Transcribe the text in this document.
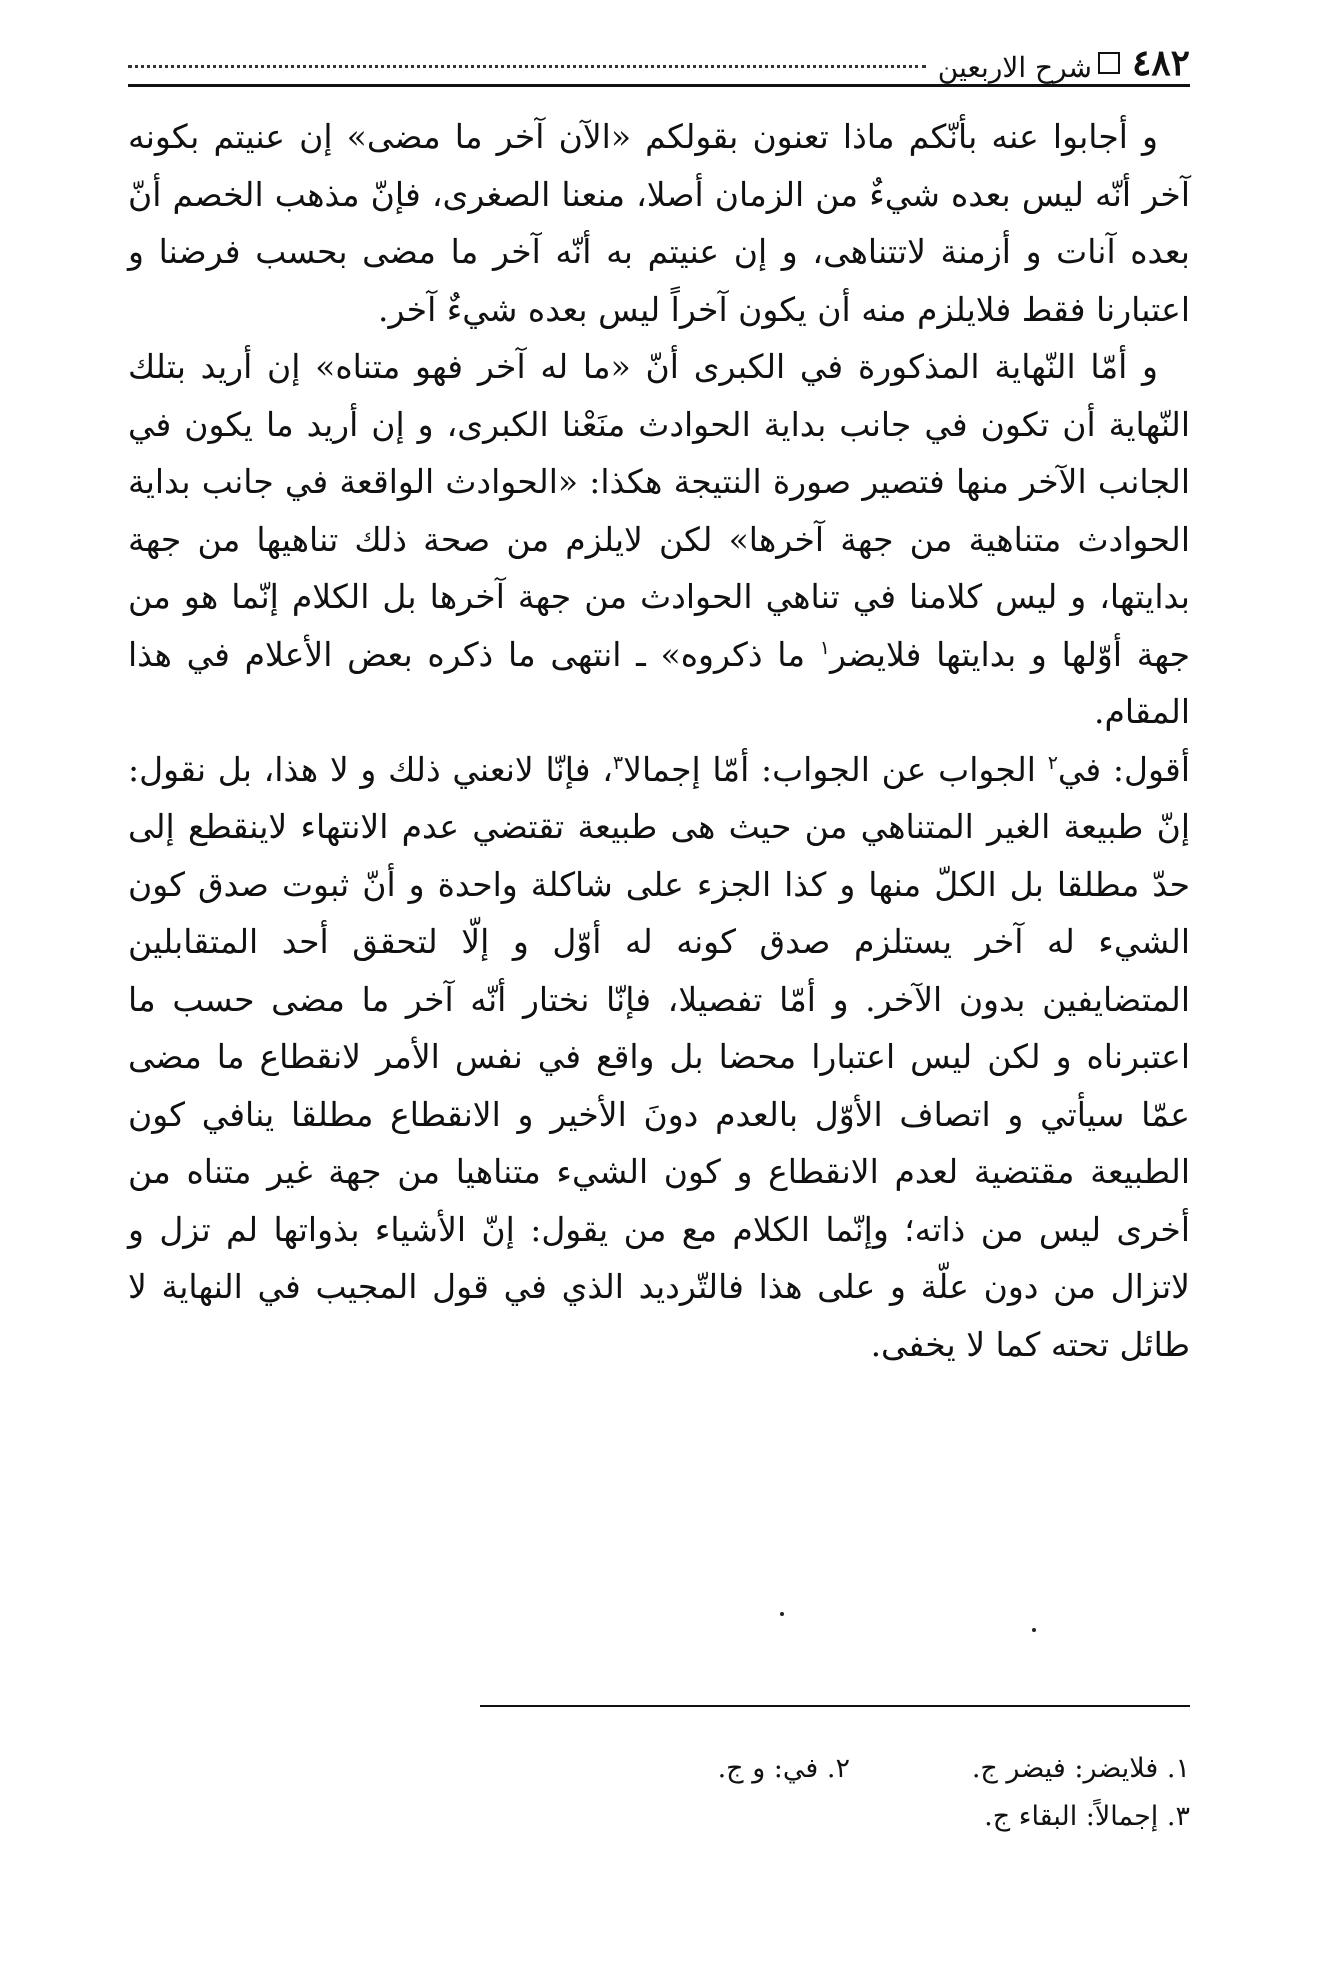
٤٨٢
شرح الاربعين

و أجابوا عنه بأنّكم ماذا تعنون بقولكم «الآن آخر ما مضى» إن عنيتم بكونه آخر أنّه ليس بعده شيءٌ من الزمان أصلا، منعنا الصغرى، فإنّ مذهب الخصم أنّ بعده آنات و أزمنة لاتتناهى، و إن عنيتم به أنّه آخر ما مضى بحسب فرضنا و اعتبارنا فقط فلايلزم منه أن يكون آخراً ليس بعده شيءٌ آخر.

و أمّا النّهاية المذكورة في الكبرى أنّ «ما له آخر فهو متناه» إن أريد بتلك النّهاية أن تكون في جانب بداية الحوادث منَعْنا الكبرى، و إن أريد ما يكون في الجانب الآخر منها فتصير صورة النتيجة هكذا: «الحوادث الواقعة في جانب بداية الحوادث متناهية من جهة آخرها» لكن لايلزم من صحة ذلك تناهيها من جهة بدايتها، و ليس كلامنا في تناهي الحوادث من جهة آخرها بل الكلام إنّما هو من جهة أوّلها و بدايتها فلايضر$^١$ ما ذكروه» ـ انتهى ما ذكره بعض الأعلام في هذا المقام.

أقول: في$^٢$ الجواب عن الجواب: أمّا إجمالا$^٣$، فإنّا لانعني ذلك و لا هذا، بل نقول: إنّ طبيعة الغير المتناهي من حيث هى طبيعة تقتضي عدم الانتهاء لاينقطع إلى حدّ مطلقا بل الكلّ منها و كذا الجزء على شاكلة واحدة و أنّ ثبوت صدق كون الشيء له آخر يستلزم صدق كونه له أوّل و إلّا لتحقق أحد المتقابلين المتضايفين بدون الآخر. و أمّا تفصيلا، فإنّا نختار أنّه آخر ما مضى حسب ما اعتبرناه و لكن ليس اعتبارا محضا بل واقع في نفس الأمر لانقطاع ما مضى عمّا سيأتي و اتصاف الأوّل بالعدم دونَ الأخير و الانقطاع مطلقا ينافي كون الطبيعة مقتضية لعدم الانقطاع و كون الشيء متناهيا من جهة غير متناه من أخرى ليس من ذاته؛ وإنّما الكلام مع من يقول: إنّ الأشياء بذواتها لم تزل و لاتزال من دون علّة و على هذا فالتّرديد الذي في قول المجيب في النهاية لا طائل تحته كما لا يخفى.

١. فلايضر: فيضر ج.
٢. في: و ج.
٣. إجمالاً: البقاء ج.
